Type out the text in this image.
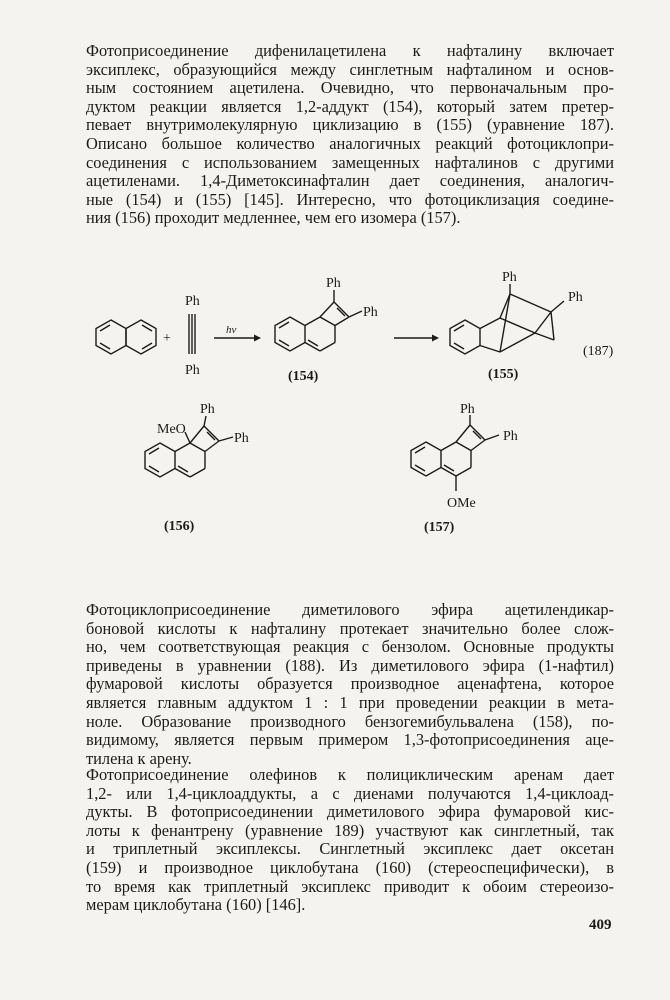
Фотоприсоединение дифенилацетилена к нафталину включает
эксиплекс, образующийся между синглетным нафталином и основ-
ным состоянием ацетилена. Очевидно, что первоначальным про-
дуктом реакции является 1,2-аддукт (154), который затем претер-
певает внутримолекулярную циклизацию в (155) (уравнение 187).
Описано большое количество аналогичных реакций фотоциклопри-
соединения с использованием замещенных нафталинов с другими
ацетиленами. 1,4-Диметоксинафталин дает соединения, аналогич-
ные (154) и (155) [145]. Интересно, что фотоциклизация соедине-
ния (156) проходит медленнее, чем его изомера (157).
+
Ph
Ph
hν
Ph
Ph
(154)
Ph
Ph
(155)
(187)
Ph
Ph
MeO
(156)
Ph
Ph
OMe
(157)
Фотоциклоприсоединение диметилового эфира ацетилендикар-
боновой кислоты к нафталину протекает значительно более слож-
но, чем соответствующая реакция с бензолом. Основные продукты
приведены в уравнении (188). Из диметилового эфира (1-нафтил)
фумаровой кислоты образуется производное аценафтена, которое
является главным аддуктом 1 : 1 при проведении реакции в мета-
ноле. Образование производного бензогемибульвалена (158), по-
видимому, является первым примером 1,3-фотоприсоединения аце-
тилена к арену.
Фотоприсоединение олефинов к полициклическим аренам дает
1,2- или 1,4-циклоаддукты, а с диенами получаются 1,4-циклоад-
дукты. В фотоприсоединении диметилового эфира фумаровой кис-
лоты к фенантрену (уравнение 189) участвуют как синглетный, так
и триплетный эксиплексы. Синглетный эксиплекс дает оксетан
(159) и производное циклобутана (160) (стереоспецифически), в
то время как триплетный эксиплекс приводит к обоим стереоизо-
мерам циклобутана (160) [146].
409
